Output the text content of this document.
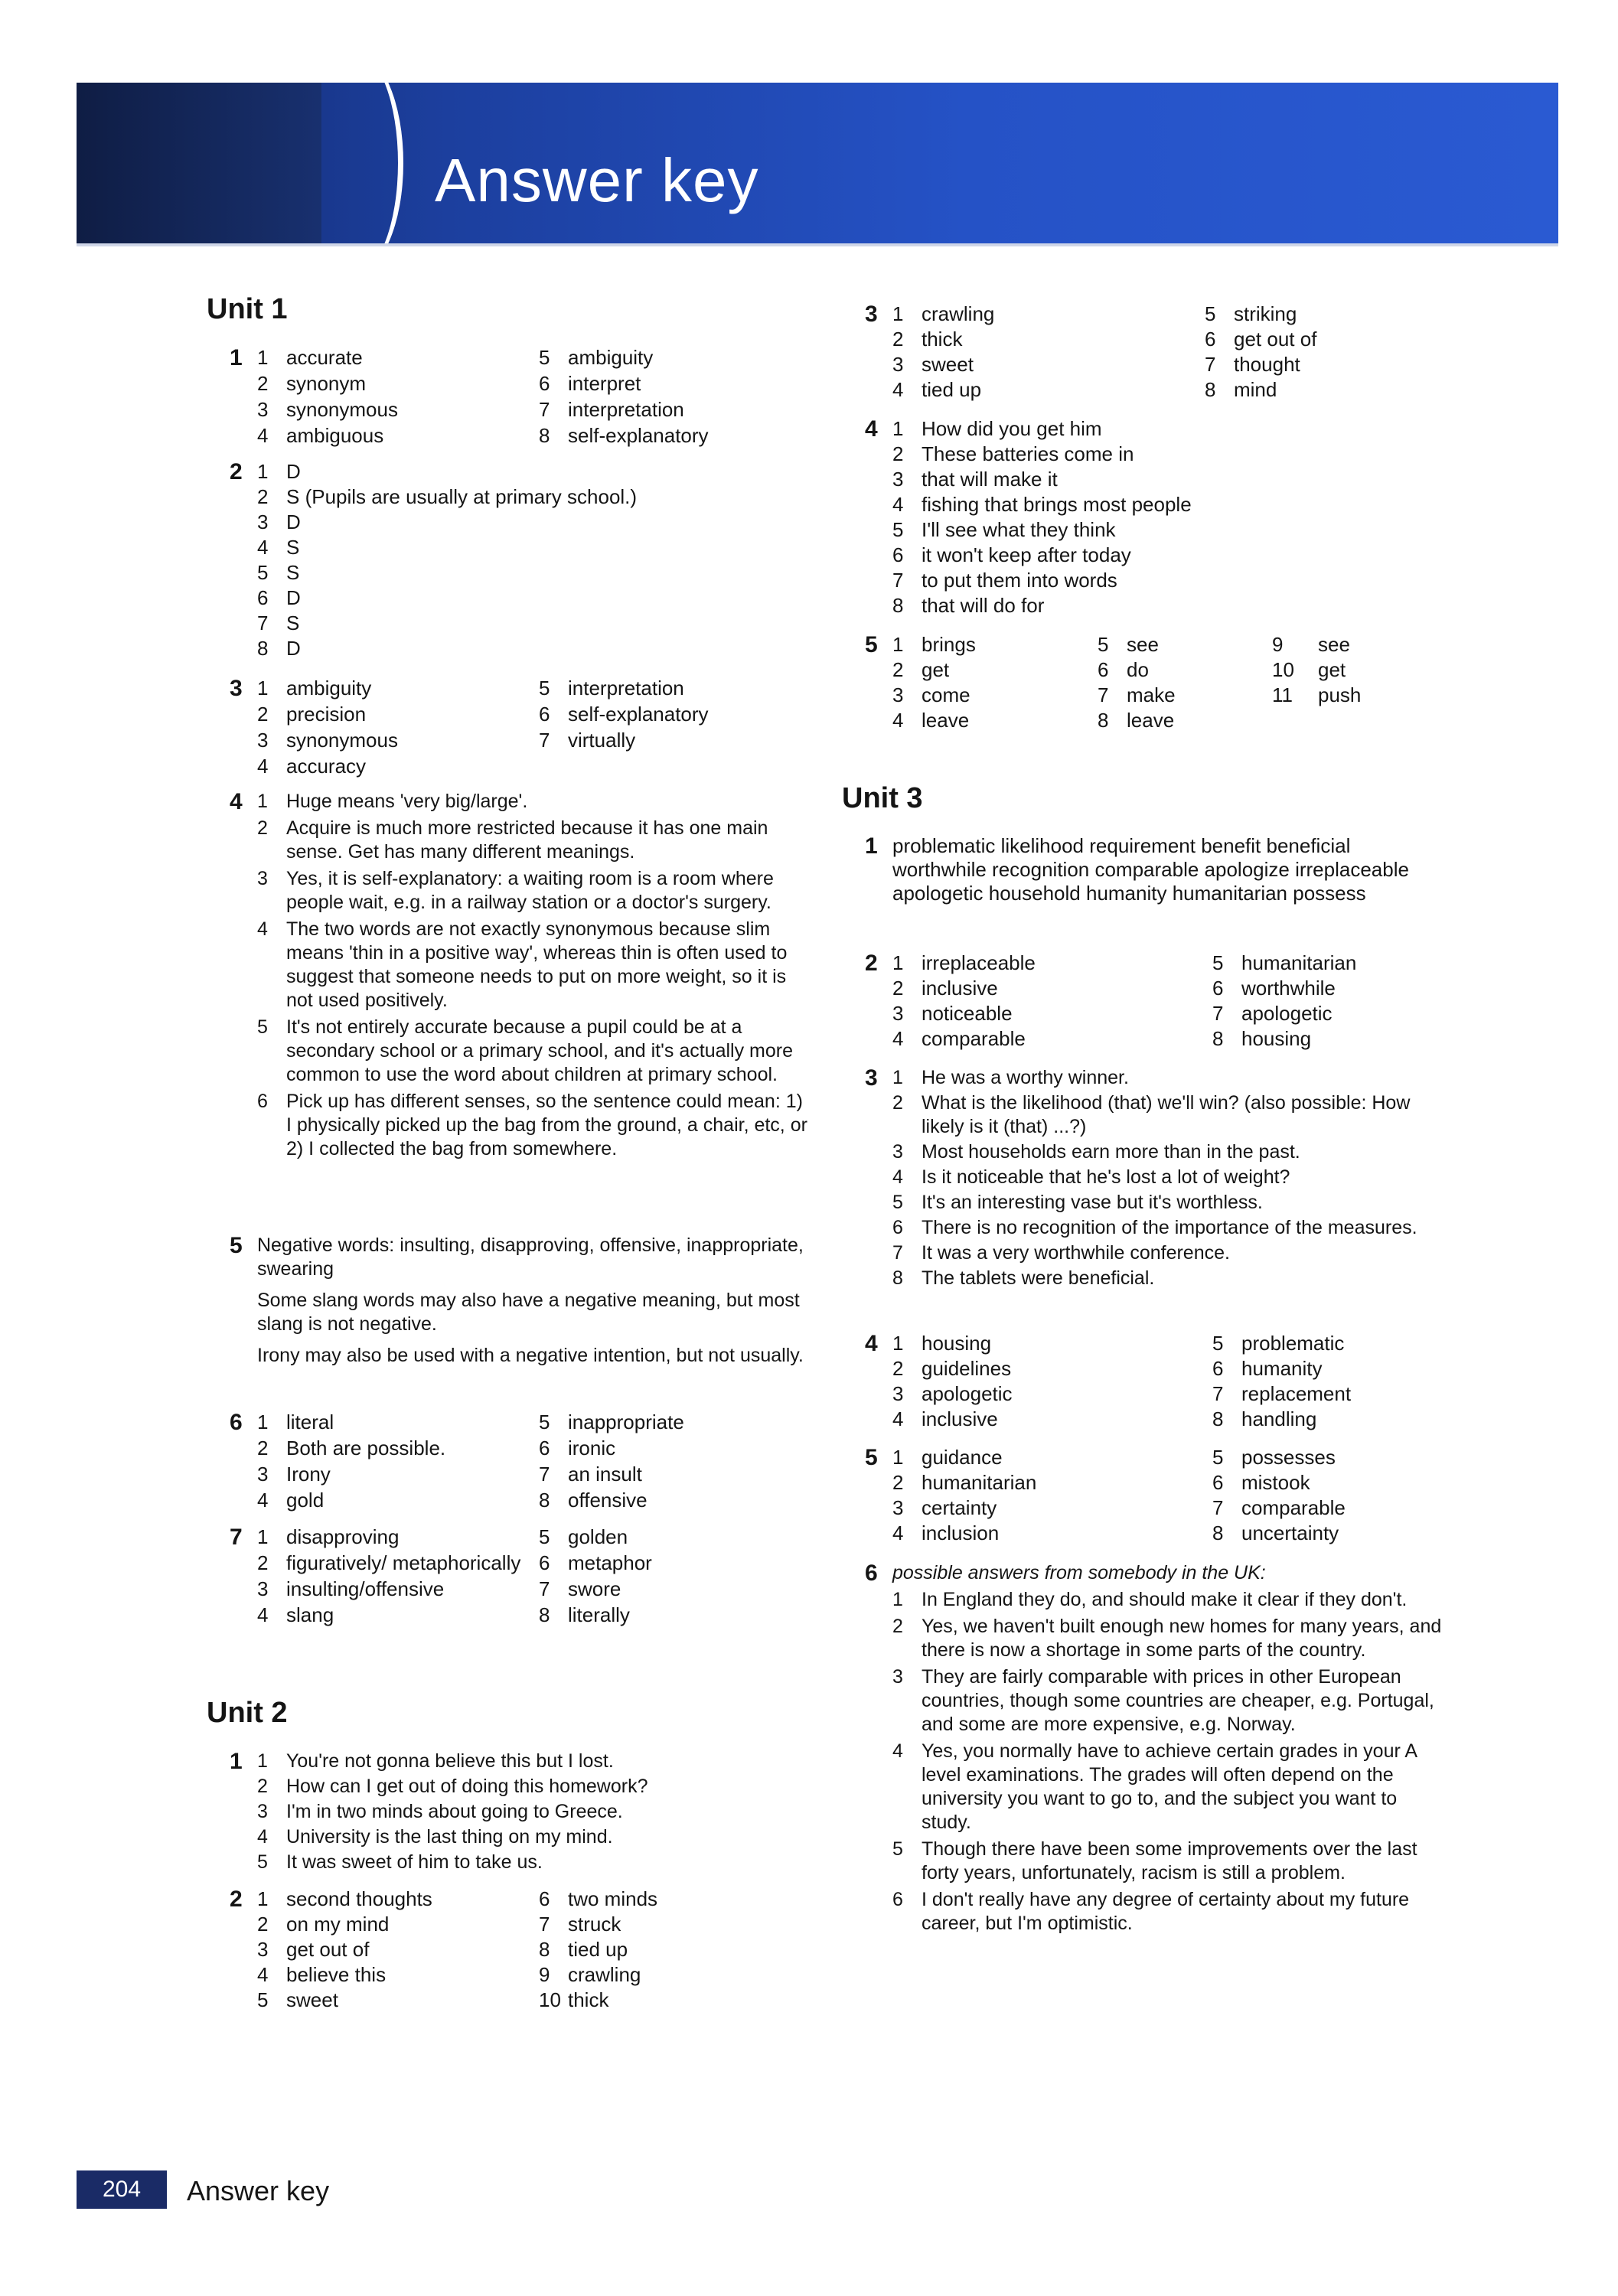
Answer key
Unit 1
1 1 accurate	5 ambiguity
2 synonym	6 interpret
3 synonymous	7 interpretation
4 ambiguous	8 self-explanatory
2 1 D
2 S (Pupils are usually at primary school.)
3 D
4 S
5 S
6 D
7 S
8 D
3 1 ambiguity	5 interpretation
2 precision	6 self-explanatory
3 synonymous	7 virtually
4 accuracy
4 1 Huge means 'very big/large'.
2 Acquire is much more restricted because it has one main sense. Get has many different meanings.
3 Yes, it is self-explanatory: a waiting room is a room where people wait, e.g. in a railway station or a doctor's surgery.
4 The two words are not exactly synonymous because slim means 'thin in a positive way', whereas thin is often used to suggest that someone needs to put on more weight, so it is not used positively.
5 It's not entirely accurate because a pupil could be at a secondary school or a primary school, and it's actually more common to use the word about children at primary school.
6 Pick up has different senses, so the sentence could mean: 1) I physically picked up the bag from the ground, a chair, etc, or 2) I collected the bag from somewhere.
5 Negative words: insulting, disapproving, offensive, inappropriate, swearing
Some slang words may also have a negative meaning, but most slang is not negative.
Irony may also be used with a negative intention, but not usually.
6 1 literal	5 inappropriate
2 Both are possible.	6 ironic
3 Irony	7 an insult
4 gold	8 offensive
7 1 disapproving	5 golden
2 figuratively/ metaphorically 6 metaphor
3 insulting/offensive	7 swore
4 slang	8 literally
Unit 2
1 1 You're not gonna believe this but I lost.
2 How can I get out of doing this homework?
3 I'm in two minds about going to Greece.
4 University is the last thing on my mind.
5 It was sweet of him to take us.
2 1 second thoughts	6 two minds
2 on my mind	7 struck
3 get out of	8 tied up
4 believe this	9 crawling
5 sweet	10 thick
3 1 crawling	5 striking
2 thick	6 get out of
3 sweet	7 thought
4 tied up	8 mind
4 1 How did you get him
2 These batteries come in
3 that will make it
4 fishing that brings most people
5 I'll see what they think
6 it won't keep after today
7 to put them into words
8 that will do for
5 1 brings	5 see	9	see
2 get	6 do	10	get
3 come	7 make	11	push
4 leave	8 leave
Unit 3
1 problematic likelihood requirement benefit beneficial worthwhile recognition comparable apologize irreplaceable apologetic household humanity humanitarian possess
2 1 irreplaceable	5 humanitarian
2 inclusive	6 worthwhile
3 noticeable	7 apologetic
4 comparable	8 housing
3 1 He was a worthy winner.
2 What is the likelihood (that) we'll win? (also possible: How likely is it (that) ...?)
3 Most households earn more than in the past.
4 Is it noticeable that he's lost a lot of weight?
5 It's an interesting vase but it's worthless.
6 There is no recognition of the importance of the measures.
7 It was a very worthwhile conference.
8 The tablets were beneficial.
4 1 housing	5 problematic
2 guidelines	6 humanity
3 apologetic	7 replacement
4 inclusive	8 handling
5 1 guidance	5 possesses
2 humanitarian	6 mistook
3 certainty	7 comparable
4 inclusion	8 uncertainty
6 possible answers from somebody in the UK:
1 In England they do, and should make it clear if they don't.
2 Yes, we haven't built enough new homes for many years, and there is now a shortage in some parts of the country.
3 They are fairly comparable with prices in other European countries, though some countries are cheaper, e.g. Portugal, and some are more expensive, e.g. Norway.
4 Yes, you normally have to achieve certain grades in your A level examinations. The grades will often depend on the university you want to go to, and the subject you want to study.
5 Though there have been some improvements over the last forty years, unfortunately, racism is still a problem.
6 I don't really have any degree of certainty about my future career, but I'm optimistic.
204	Answer key
